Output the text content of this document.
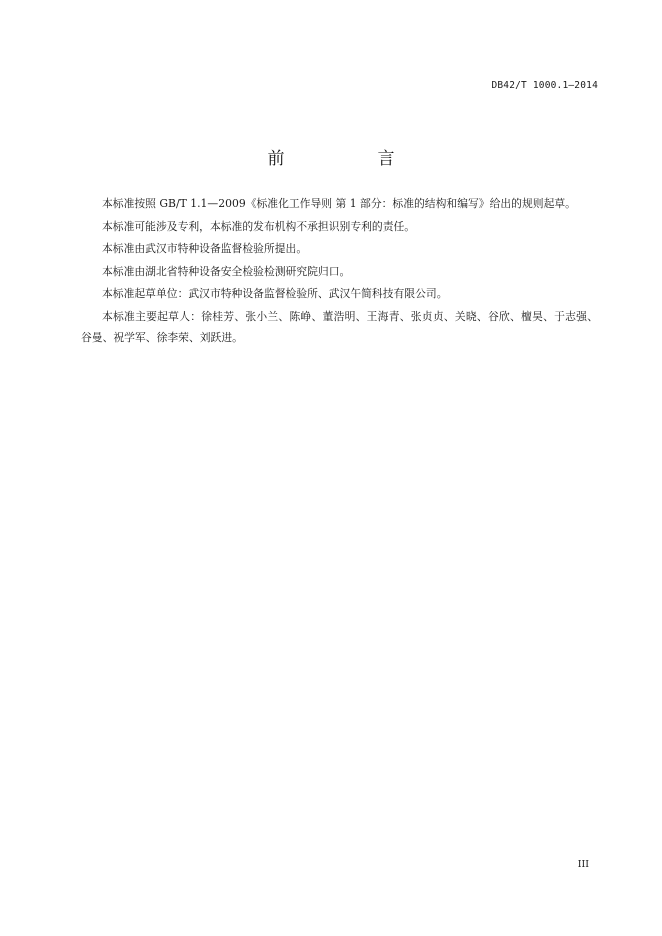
DB42/T 1000.1—2014
前　言

本标准按照 GB/T 1.1—2009《标准化工作导则 第 1 部分：标准的结构和编写》给出的规则起草。

本标准可能涉及专利，本标准的发布机构不承担识别专利的责任。

本标准由武汉市特种设备监督检验所提出。

本标准由湖北省特种设备安全检验检测研究院归口。

本标准起草单位：武汉市特种设备监督检验所、武汉午简科技有限公司。

本标准主要起草人：徐桂芳、张小兰、陈峥、董浩明、王海青、张贞贞、关晓、谷欣、檀昊、于志强、谷曼、祝学军、徐李荣、刘跃进。

III
